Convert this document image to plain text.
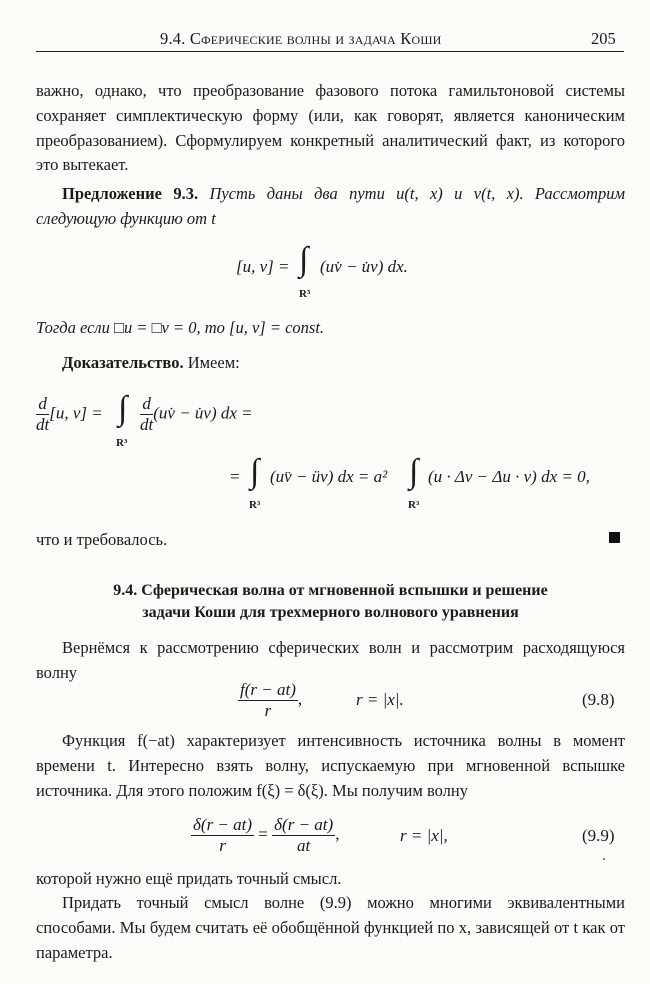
9.4. Сферические волны и задача Коши	205
важно, однако, что преобразование фазового потока гамильтоновой системы сохраняет симплектическую форму (или, как говорят, является каноническим преобразованием). Сформулируем конкретный аналитический факт, из которого это вытекает.
Предложение 9.3. Пусть даны два пути u(t, x) и v(t, x). Рассмотрим следующую функцию от t
[u, v] = ∫
R³
(uv̇ − u̇v) dx.
Тогда если □u = □v = 0, то [u, v] = const.
Доказательство. Имеем:
$\frac{d}{dt} [u$, v] = ∫
R³
$\frac{d}{dt}$ (uv̇ − u̇v) dx =
= ∫
R³
(uv̈ − üv) dx = a² ∫
R³
(u · Δv − Δu · v) dx = 0,
что и требовалось.
9.4. Сферическая волна от мгновенной вспышки и решение
задачи Коши для трехмерного волнового уравнения
Вернёмся к рассмотрению сферических волн и рассмотрим расходящуюся волну
$\frac{f(r - at)}{r}$ ,	r = |x|.	(9.8)
Функция f(−at) характеризует интенсивность источника волны в момент времени t. Интересно взять волну, испускаемую при мгновенной вспышке источника. Для этого положим f(ξ) = δ(ξ). Мы получим волну
$\frac{\delta(r - at)}{r} = \frac{\delta(r - at)}{at}$ ,	r = |x|,	(9.9)
которой нужно ещё придать точный смысл.
Придать точный смысл волне (9.9) можно многими эквивалентными способами. Мы будем считать её обобщённой функцией по x, зависящей от t как от параметра.
